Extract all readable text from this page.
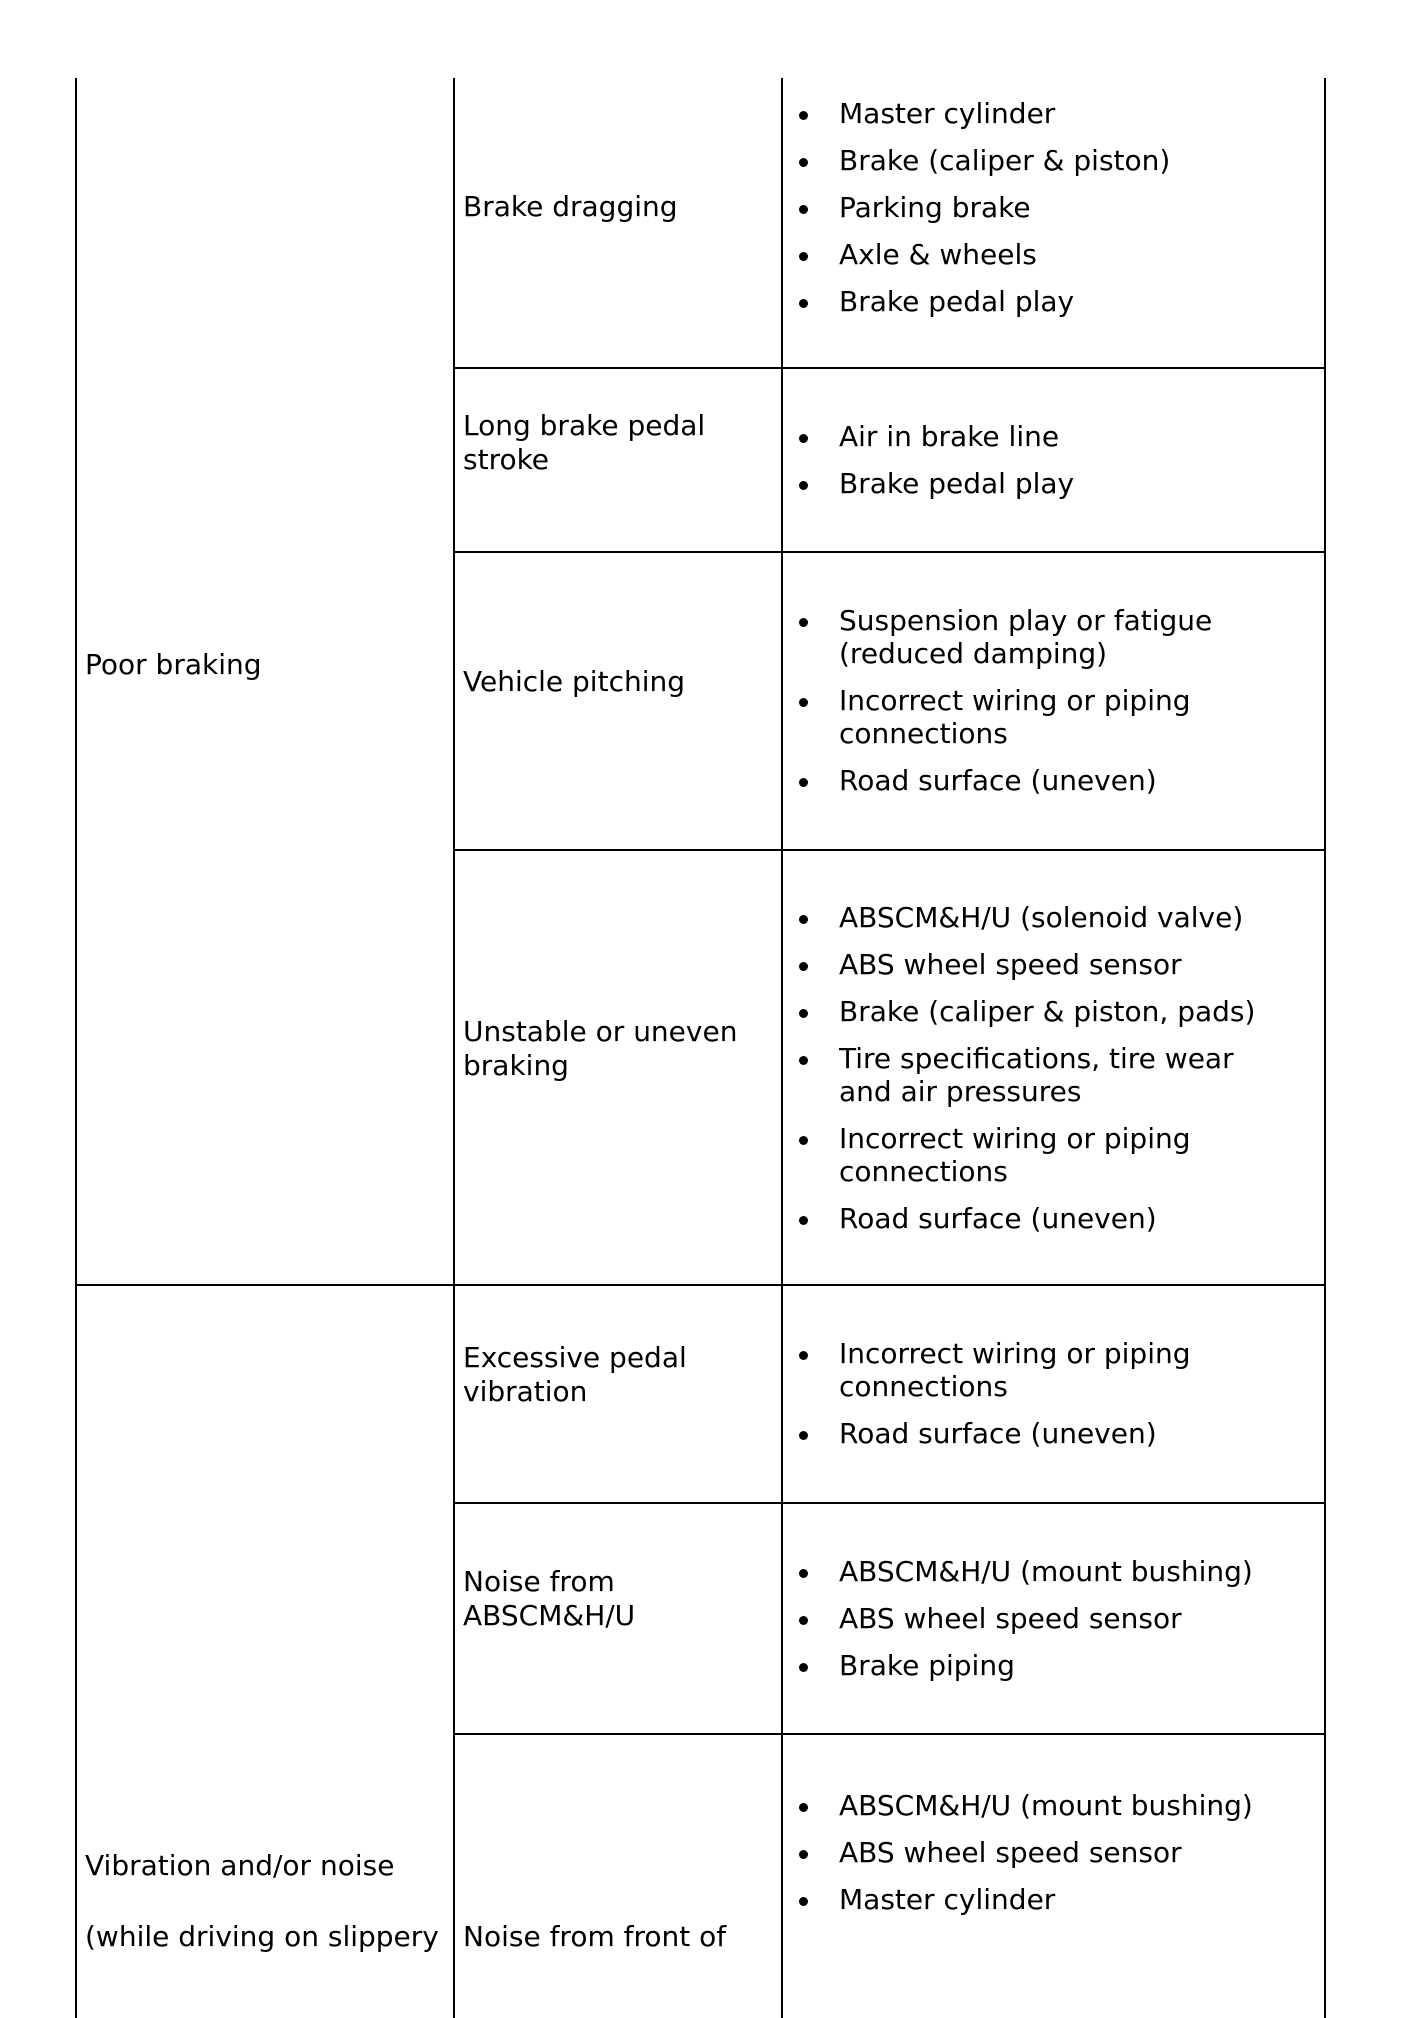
Poor braking
Brake dragging
Master cylinder
Brake (caliper & piston)
Parking brake
Axle & wheels
Brake pedal play
Long brake pedal
stroke
Air in brake line
Brake pedal play
Vehicle pitching
Suspension play or fatigue
(reduced damping)
Incorrect wiring or piping
connections
Road surface (uneven)
Unstable or uneven
braking
ABSCM&H/U (solenoid valve)
ABS wheel speed sensor
Brake (caliper & piston, pads)
Tire specifications, tire wear
and air pressures
Incorrect wiring or piping
connections
Road surface (uneven)
Vibration and/or noise
(while driving on slippery
Excessive pedal
vibration
Incorrect wiring or piping
connections
Road surface (uneven)
Noise from
ABSCM&H/U
ABSCM&H/U (mount bushing)
ABS wheel speed sensor
Brake piping
Noise from front of
ABSCM&H/U (mount bushing)
ABS wheel speed sensor
Master cylinder
